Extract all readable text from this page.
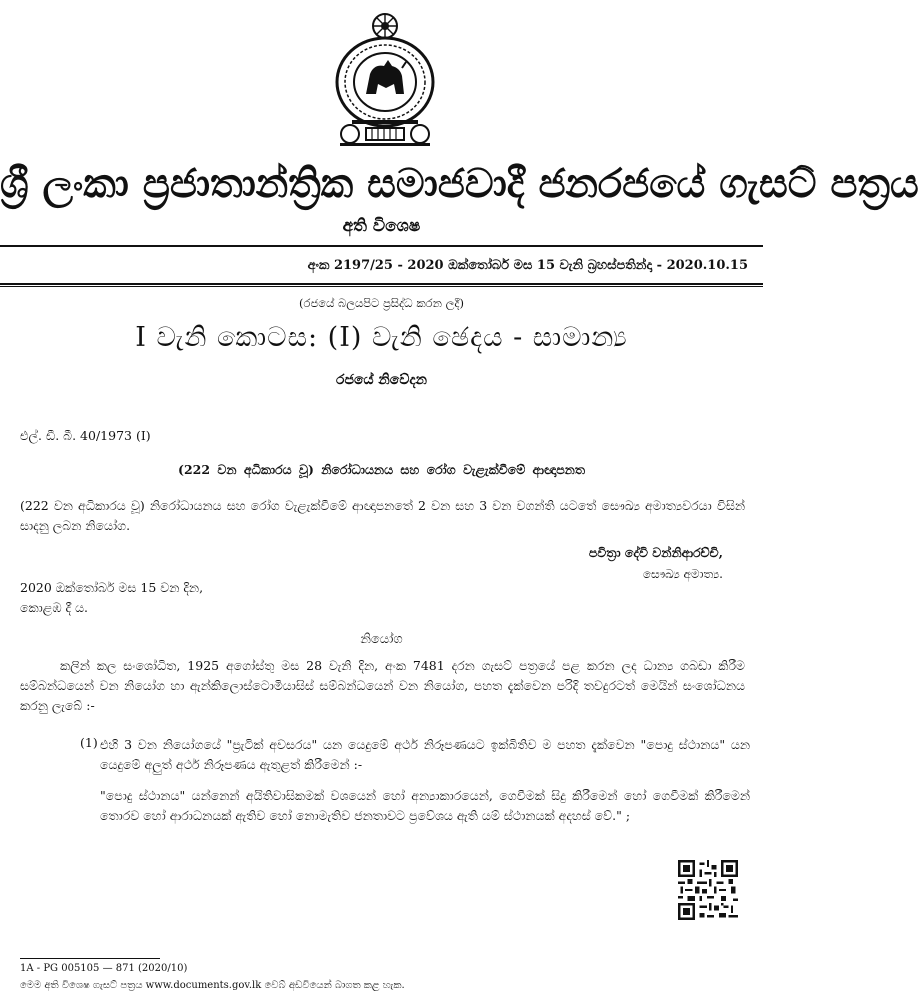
ශ්‍රී ලංකා ප්‍රජාතාන්ත්‍රික සමාජවාදී ජනරජයේ ගැසට් පත්‍රය
අති විශෙෂ
අංක 2197/25 - 2020 ඔක්තෝබර් මස 15 වැනි බ්‍රහස්පතින්දා - 2020.10.15
(රජයේ බලයපිට ප්‍රසිද්ධ කරන ලදී)
I වැනි කොටස: (I) වැනි ඡෙදය - සාමාන්‍ය
රජයේ නිවේදන
එල්. ඩී. බී. 40/1973 (I)
(222 වන අධිකාරය වූ) නිරෝධායනය සහ රෝග වැළැක්වීමේ ආඥාපනත
(222 වන අධිකාරය වූ) නිරෝධායනය සහ රෝග වැළැක්වීමේ ආඥාපනතේ 2 වන සහ 3 වන වගන්ති යටතේ සෞඛ්‍ය අමාත්‍යවරයා විසින් සාදනු ලබන නියෝග.
පවිත්‍රා දේවි වන්නිආරච්චි,
සෞඛ්‍ය අමාත්‍ය.
2020 ඔක්තෝබර් මස 15 වන දින,
කොළඹ දී ය.
නියෝග
කලින් කල සංශෝධිත, 1925 අගෝස්තු මස 28 වැනි දින, අංක 7481 දරන ගැසට් පත්‍රයේ පළ කරන ලද ධාන්‍ය ගබඩා කිරීම සම්බන්ධයෙන් වන නියෝග හා ඇන්කිලොස්ටොමියාසිස් සම්බන්ධයෙන් වන නියෝග, පහත දැක්වෙන පරිදි තවදුරටත් මෙයින් සංශෝධනය කරනු ලැබේ :-
(1) එහි 3 වන නියෝගයේ "ප්‍රැටික් අවසරය" යන යෙදුමේ අර්ථ නිරූපණයට ඉක්බිතිව ම පහත දැක්වෙන "පොදු ස්ථානය" යන යෙදුමේ අලුත් අර්ථ නිරූපණය ඇතුළත් කිරීමෙන් :-
"පොදු ස්ථානය" යන්නෙන් අයිතිවාසිකමක් වශයෙන් හෝ අන්‍යාකාරයෙන්, ගෙවීමක් සිදු කිරීමෙන් හෝ ගෙවීමක් කිරීමෙන් තොරව හෝ ආරාධනයක් ඇතිව හෝ නොමැතිව ජනතාවට ප්‍රවේශය ඇති යම් ස්ථානයක් අදහස් වේ." ;
1A - PG 005105 — 871 (2020/10)
මෙම අති විශෙෂ ගැසට් පත්‍රය www.documents.gov.lk වෙබ් අඩවියෙන් බාගත කළ හැක.
